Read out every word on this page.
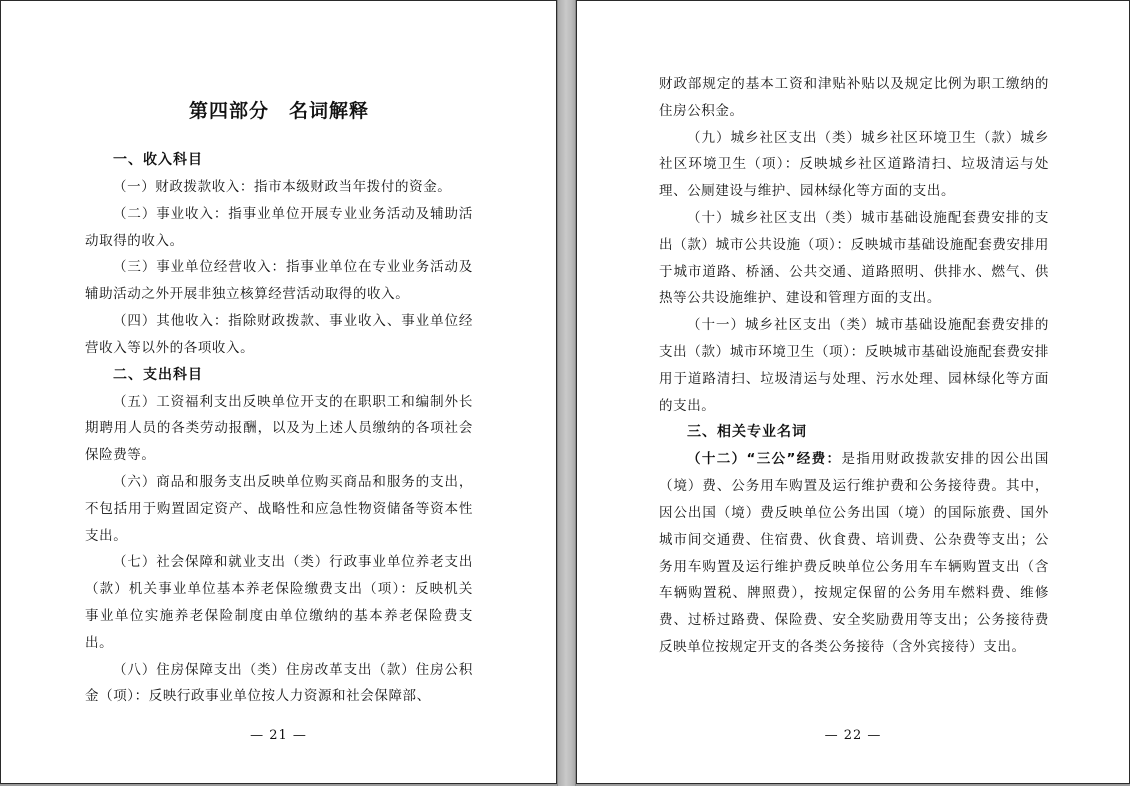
第四部分　名词解释
一、收入科目

（一）财政拨款收入：指市本级财政当年拨付的资金。

（二）事业收入：指事业单位开展专业业务活动及辅助活动取得的收入。

（三）事业单位经营收入：指事业单位在专业业务活动及辅助活动之外开展非独立核算经营活动取得的收入。

（四）其他收入：指除财政拨款、事业收入、事业单位经营收入等以外的各项收入。

二、支出科目

（五）工资福利支出反映单位开支的在职职工和编制外长期聘用人员的各类劳动报酬，以及为上述人员缴纳的各项社会保险费等。

（六）商品和服务支出反映单位购买商品和服务的支出，不包括用于购置固定资产、战略性和应急性物资储备等资本性支出。

（七）社会保障和就业支出（类）行政事业单位养老支出（款）机关事业单位基本养老保险缴费支出（项）：反映机关事业单位实施养老保险制度由单位缴纳的基本养老保险费支出。

（八）住房保障支出（类）住房改革支出（款）住房公积金（项）：反映行政事业单位按人力资源和社会保障部、

— 21 —

财政部规定的基本工资和津贴补贴以及规定比例为职工缴纳的住房公积金。

（九）城乡社区支出（类）城乡社区环境卫生（款）城乡社区环境卫生（项）：反映城乡社区道路清扫、垃圾清运与处理、公厕建设与维护、园林绿化等方面的支出。

（十）城乡社区支出（类）城市基础设施配套费安排的支出（款）城市公共设施（项）：反映城市基础设施配套费安排用于城市道路、桥涵、公共交通、道路照明、供排水、燃气、供热等公共设施维护、建设和管理方面的支出。

（十一）城乡社区支出（类）城市基础设施配套费安排的支出（款）城市环境卫生（项）：反映城市基础设施配套费安排用于道路清扫、垃圾清运与处理、污水处理、园林绿化等方面的支出。

三、相关专业名词

（十二）“三公”经费：是指用财政拨款安排的因公出国（境）费、公务用车购置及运行维护费和公务接待费。其中，因公出国（境）费反映单位公务出国（境）的国际旅费、国外城市间交通费、住宿费、伙食费、培训费、公杂费等支出；公务用车购置及运行维护费反映单位公务用车车辆购置支出（含车辆购置税、牌照费），按规定保留的公务用车燃料费、维修费、过桥过路费、保险费、安全奖励费用等支出；公务接待费反映单位按规定开支的各类公务接待（含外宾接待）支出。

— 22 —
